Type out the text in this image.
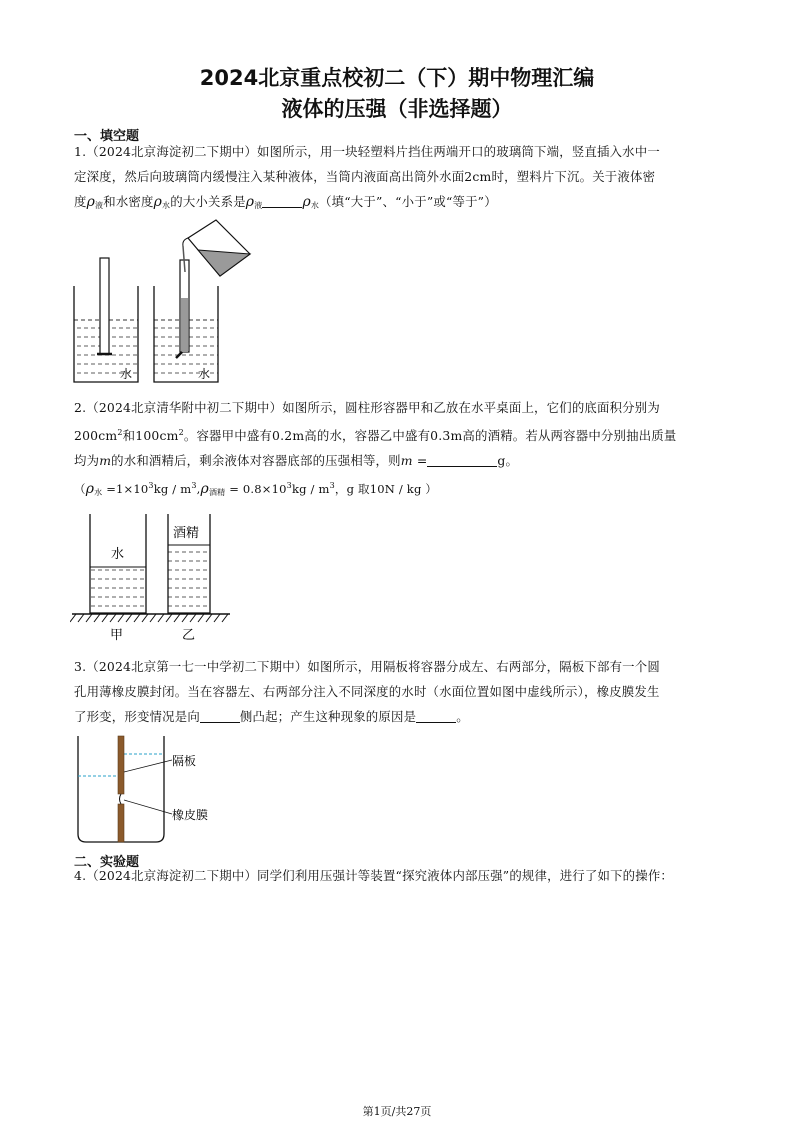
2024北京重点校初二（下）期中物理汇编
液体的压强（非选择题）
一、填空题
1.（2024北京海淀初二下期中）如图所示，用一块轻塑料片挡住两端开口的玻璃筒下端，竖直插入水中一
定深度，然后向玻璃筒内缓慢注入某种液体，当筒内液面高出筒外水面2cm时，塑料片下沉。关于液体密
度$\rho_液$和水密度$\rho_水$的大小关系是$\rho_液$	$\rho_水$（填“大于”、“小于”或“等于”）
水	水
2.（2024北京清华附中初二下期中）如图所示，圆柱形容器甲和乙放在水平桌面上，它们的底面积分别为
$200cm^2$和$100cm^2$。容器甲中盛有0.2m高的水，容器乙中盛有0.3m高的酒精。若从两容器中分别抽出质量
均为m的水和酒精后，剩余液体对容器底部的压强相等，则m =	g。
（$\rho_水 =1\times 10^3kg / m^3,\rho_{酒精} = 0.8\times 10^3kg / m^3$，g 取10N / kg ）
水
酒精
甲	乙
3.（2024北京第一七一中学初二下期中）如图所示，用隔板将容器分成左、右两部分，隔板下部有一个圆
孔用薄橡皮膜封闭。当在容器左、右两部分注入不同深度的水时（水面位置如图中虚线所示），橡皮膜发生
了形变，形变情况是向	侧凸起；产生这种现象的原因是	。
隔板
橡皮膜
二、实验题
4.（2024北京海淀初二下期中）同学们利用压强计等装置“探究液体内部压强”的规律，进行了如下的操作：
第1页/共27页
